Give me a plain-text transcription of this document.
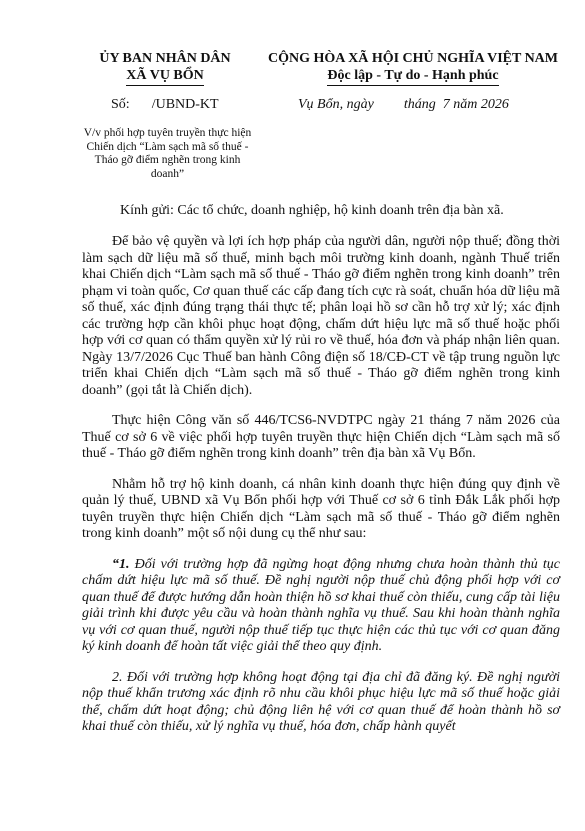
ỦY BAN NHÂN DÂN
XÃ VỤ BỔN
CỘNG HÒA XÃ HỘI CHỦ NGHĨA VIỆT NAM
Độc lập - Tự do - Hạnh phúc
Số: /UBND-KT	Vụ Bổn, ngày tháng  7 năm 2026
V/v phối hợp tuyên truyền thực hiện Chiến dịch “Làm sạch mã số thuế - Tháo gỡ điểm nghẽn trong kinh doanh”
Kính gửi: Các tổ chức, doanh nghiệp, hộ kinh doanh trên địa bàn xã.

Để bảo vệ quyền và lợi ích hợp pháp của người dân, người nộp thuế; đồng thời làm sạch dữ liệu mã số thuế, minh bạch môi trường kinh doanh, ngành Thuế triển khai Chiến dịch “Làm sạch mã số thuế - Tháo gỡ điểm nghẽn trong kinh doanh” trên phạm vi toàn quốc, Cơ quan thuế các cấp đang tích cực rà soát, chuẩn hóa dữ liệu mã số thuế, xác định đúng trạng thái thực tế; phân loại hồ sơ cần hỗ trợ xử lý; xác định các trường hợp cần khôi phục hoạt động, chấm dứt hiệu lực mã số thuế hoặc phối hợp với cơ quan có thẩm quyền xử lý rủi ro về thuế, hóa đơn và pháp nhận liên quan. Ngày 13/7/2026 Cục Thuế ban hành Công điện số 18/CĐ-CT về tập trung nguồn lực triển khai Chiến dịch “Làm sạch mã số thuế - Tháo gỡ điểm nghẽn trong kinh doanh” (gọi tắt là Chiến dịch).

Thực hiện Công văn số 446/TCS6-NVDTPC ngày 21 tháng 7 năm 2026 của Thuế cơ sở 6 về việc phối hợp tuyên truyền thực hiện Chiến dịch “Làm sạch mã số thuế - Tháo gỡ điểm nghẽn trong kinh doanh” trên địa bàn xã Vụ Bổn.

Nhằm hỗ trợ hộ kinh doanh, cá nhân kinh doanh thực hiện đúng quy định về quản lý thuế, UBND xã Vụ Bổn phối hợp với Thuế cơ sở 6 tỉnh Đắk Lắk phối hợp tuyên truyền thực hiện Chiến dịch “Làm sạch mã số thuế - Tháo gỡ điểm nghẽn trong kinh doanh” một số nội dung cụ thể như sau:

“1. Đối với trường hợp đã ngừng hoạt động nhưng chưa hoàn thành thủ tục chấm dứt hiệu lực mã số thuế. Đề nghị người nộp thuế chủ động phối hợp với cơ quan thuế để được hướng dẫn hoàn thiện hồ sơ khai thuế còn thiếu, cung cấp tài liệu giải trình khi được yêu cầu và hoàn thành nghĩa vụ thuế. Sau khi hoàn thành nghĩa vụ với cơ quan thuế, người nộp thuế tiếp tục thực hiện các thủ tục với cơ quan đăng ký kinh doanh để hoàn tất việc giải thể theo quy định.

2. Đối với trường hợp không hoạt động tại địa chỉ đã đăng ký. Đề nghị người nộp thuế khẩn trương xác định rõ nhu cầu khôi phục hiệu lực mã số thuế hoặc giải thể, chấm dứt hoạt động; chủ động liên hệ với cơ quan thuế để hoàn thành hồ sơ khai thuế còn thiếu, xử lý nghĩa vụ thuế, hóa đơn, chấp hành quyết
